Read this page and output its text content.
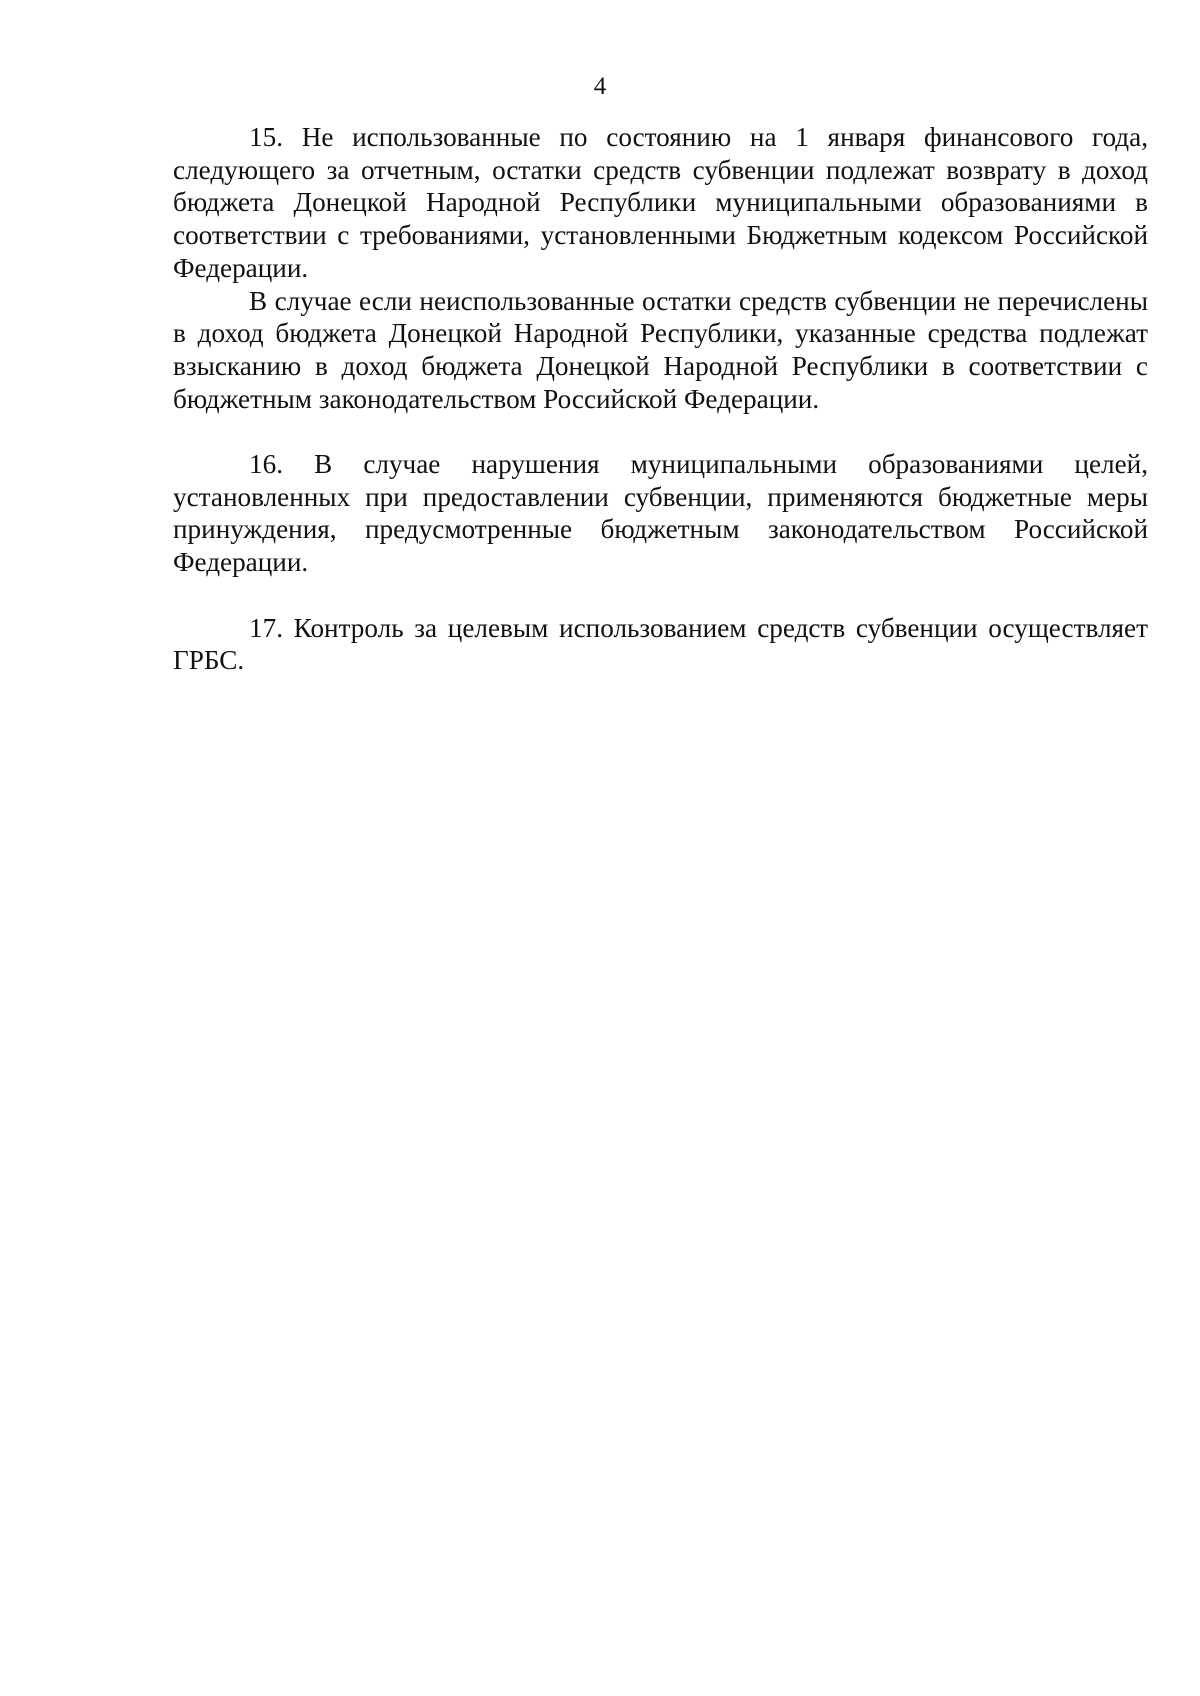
4

15. Не использованные по состоянию на 1 января финансового года, следующего за отчетным, остатки средств субвенции подлежат возврату в доход бюджета Донецкой Народной Республики муниципальными образованиями в соответствии с требованиями, установленными Бюджетным кодексом Российской Федерации.

В случае если неиспользованные остатки средств субвенции не перечислены в доход бюджета Донецкой Народной Республики, указанные средства подлежат взысканию в доход бюджета Донецкой Народной Республики в соответствии с бюджетным законодательством Российской Федерации.

16. В случае нарушения муниципальными образованиями целей, установленных при предоставлении субвенции, применяются бюджетные меры принуждения, предусмотренные бюджетным законодательством Российской Федерации.

17. Контроль за целевым использованием средств субвенции осуществляет ГРБС.
